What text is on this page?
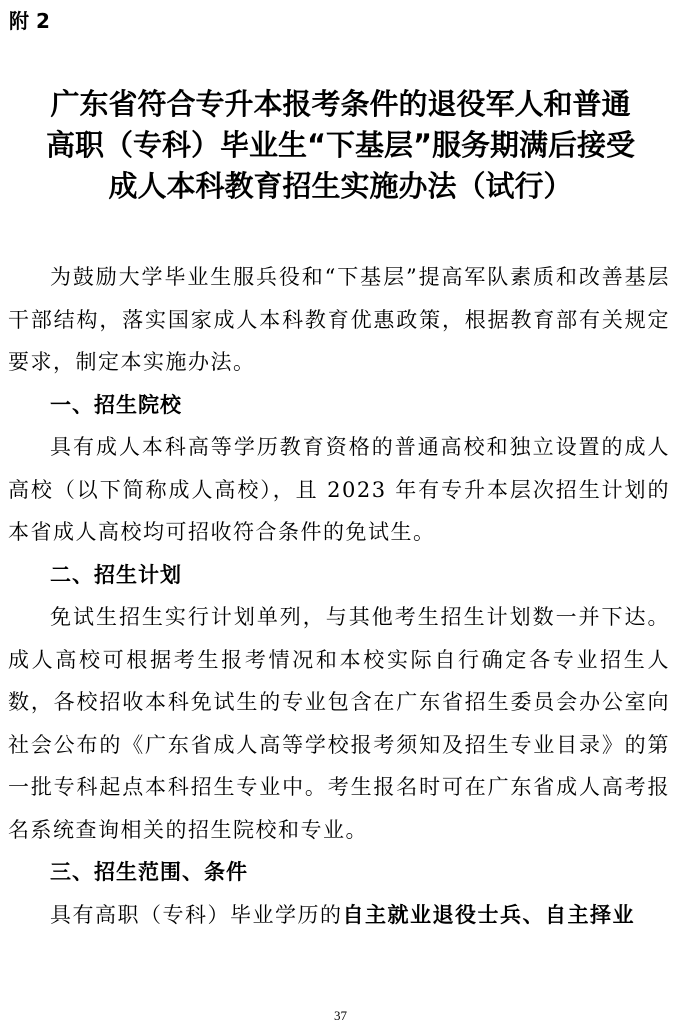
附 2
广东省符合专升本报考条件的退役军人和普通
高职（专科）毕业生“下基层”服务期满后接受
成人本科教育招生实施办法（试行）

为鼓励大学毕业生服兵役和“下基层”提高军队素质和改善基层干部结构，落实国家成人本科教育优惠政策，根据教育部有关规定要求，制定本实施办法。

一、招生院校

具有成人本科高等学历教育资格的普通高校和独立设置的成人高校（以下简称成人高校），且 2023 年有专升本层次招生计划的本省成人高校均可招收符合条件的免试生。

二、招生计划

免试生招生实行计划单列，与其他考生招生计划数一并下达。成人高校可根据考生报考情况和本校实际自行确定各专业招生人数，各校招收本科免试生的专业包含在广东省招生委员会办公室向社会公布的《广东省成人高等学校报考须知及招生专业目录》的第一批专科起点本科招生专业中。考生报名时可在广东省成人高考报名系统查询相关的招生院校和专业。

三、招生范围、条件

具有高职（专科）毕业学历的自主就业退役士兵、自主择业

37
